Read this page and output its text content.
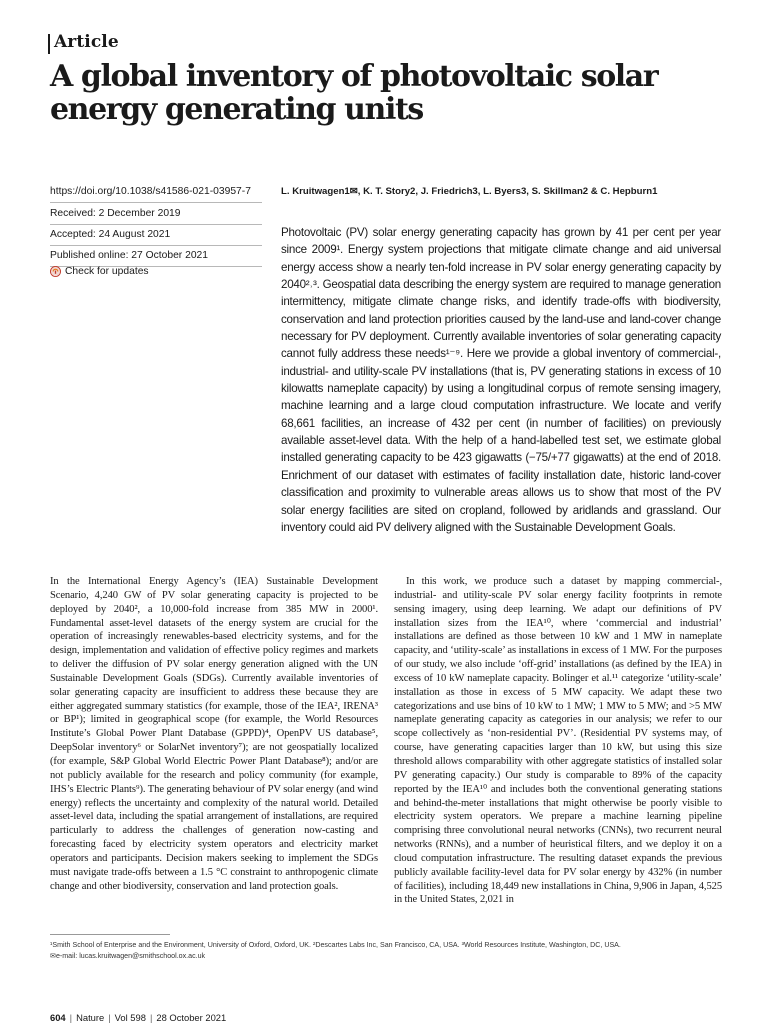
Article
A global inventory of photovoltaic solar energy generating units
https://doi.org/10.1038/s41586-021-03957-7
Received: 2 December 2019
Accepted: 24 August 2021
Published online: 27 October 2021
Check for updates
L. Kruitwagen1✉, K. T. Story2, J. Friedrich3, L. Byers3, S. Skillman2 & C. Hepburn1
Photovoltaic (PV) solar energy generating capacity has grown by 41 per cent per year since 2009¹. Energy system projections that mitigate climate change and aid universal energy access show a nearly ten-fold increase in PV solar energy generating capacity by 2040²˒³. Geospatial data describing the energy system are required to manage generation intermittency, mitigate climate change risks, and identify trade-offs with biodiversity, conservation and land protection priorities caused by the land-use and land-cover change necessary for PV deployment. Currently available inventories of solar generating capacity cannot fully address these needs¹⁻⁹. Here we provide a global inventory of commercial-, industrial- and utility-scale PV installations (that is, PV generating stations in excess of 10 kilowatts nameplate capacity) by using a longitudinal corpus of remote sensing imagery, machine learning and a large cloud computation infrastructure. We locate and verify 68,661 facilities, an increase of 432 per cent (in number of facilities) on previously available asset-level data. With the help of a hand-labelled test set, we estimate global installed generating capacity to be 423 gigawatts (−75/+77 gigawatts) at the end of 2018. Enrichment of our dataset with estimates of facility installation date, historic land-cover classification and proximity to vulnerable areas allows us to show that most of the PV solar energy facilities are sited on cropland, followed by aridlands and grassland. Our inventory could aid PV delivery aligned with the Sustainable Development Goals.
In the International Energy Agency’s (IEA) Sustainable Development Scenario, 4,240 GW of PV solar generating capacity is projected to be deployed by 2040², a 10,000-fold increase from 385 MW in 2000¹. Fundamental asset-level datasets of the energy system are crucial for the operation of increasingly renewables-based electricity systems, and for the design, implementation and validation of effective policy regimes and markets to deliver the diffusion of PV solar energy generation aligned with the UN Sustainable Development Goals (SDGs). Currently available inventories of solar generating capacity are insufficient to address these because they are either aggregated summary statistics (for example, those of the IEA², IRENA³ or BP¹); limited in geographical scope (for example, the World Resources Institute’s Global Power Plant Database (GPPD)⁴, OpenPV US database⁵, DeepSolar inventory⁶ or SolarNet inventory⁷); are not geospatially localized (for example, S&P Global World Electric Power Plant Database⁸); and/or are not publicly available for the research and policy community (for example, IHS’s Electric Plants⁹). The generating behaviour of PV solar energy (and wind energy) reflects the uncertainty and complexity of the natural world. Detailed asset-level data, including the spatial arrangement of installations, are required particularly to address the challenges of generation now-casting and forecasting faced by electricity system operators and electricity market operators and participants. Decision makers seeking to implement the SDGs must navigate trade-offs between a 1.5 °C constraint to anthropogenic climate change and other biodiversity, conservation and land protection goals.
In this work, we produce such a dataset by mapping commercial-, industrial- and utility-scale PV solar energy facility footprints in remote sensing imagery, using deep learning. We adapt our definitions of PV installation sizes from the IEA¹⁰, where ‘commercial and industrial’ installations are defined as those between 10 kW and 1 MW in nameplate capacity, and ‘utility-scale’ as installations in excess of 1 MW. For the purposes of our study, we also include ‘off-grid’ installations (as defined by the IEA) in excess of 10 kW nameplate capacity. Bolinger et al.¹¹ categorize ‘utility-scale’ installation as those in excess of 5 MW capacity. We adapt these two categorizations and use bins of 10 kW to 1 MW; 1 MW to 5 MW; and >5 MW nameplate generating capacity as categories in our analysis; we refer to our scope collectively as ‘non-residential PV’. (Residential PV systems may, of course, have generating capacities larger than 10 kW, but using this size threshold allows comparability with other aggregate statistics of installed solar PV generating capacity.) Our study is comparable to 89% of the capacity reported by the IEA¹⁰ and includes both the conventional generating stations and behind-the-meter installations that might otherwise be poorly visible to electricity system operators. We prepare a machine learning pipeline comprising three convolutional neural networks (CNNs), two recurrent neural networks (RNNs), and a number of heuristical filters, and we deploy it on a cloud computation infrastructure. The resulting dataset expands the previous publicly available facility-level data for PV solar energy by 432% (in number of facilities), including 18,449 new installations in China, 9,906 in Japan, 4,525 in the United States, 2,021 in
¹Smith School of Enterprise and the Environment, University of Oxford, Oxford, UK. ²Descartes Labs Inc, San Francisco, CA, USA. ³World Resources Institute, Washington, DC, USA.
✉e-mail: lucas.kruitwagen@smithschool.ox.ac.uk
604 | Nature | Vol 598 | 28 October 2021
